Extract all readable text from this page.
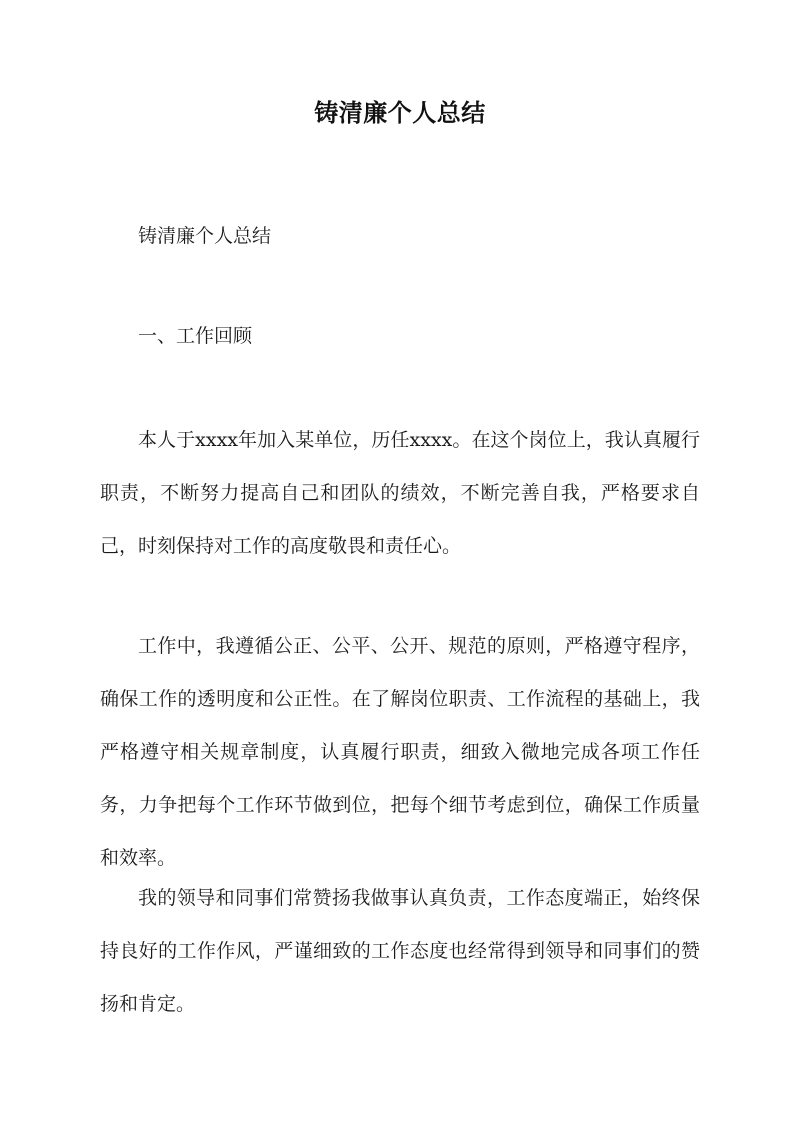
铸清廉个人总结

铸清廉个人总结

一、工作回顾

本人于xxxx年加入某单位，历任xxxx。在这个岗位上，我认真履行职责，不断努力提高自己和团队的绩效，不断完善自我，严格要求自己，时刻保持对工作的高度敬畏和责任心。

工作中，我遵循公正、公平、公开、规范的原则，严格遵守程序，确保工作的透明度和公正性。在了解岗位职责、工作流程的基础上，我严格遵守相关规章制度，认真履行职责，细致入微地完成各项工作任务，力争把每个工作环节做到位，把每个细节考虑到位，确保工作质量和效率。

我的领导和同事们常赞扬我做事认真负责，工作态度端正，始终保持良好的工作作风，严谨细致的工作态度也经常得到领导和同事们的赞扬和肯定。
